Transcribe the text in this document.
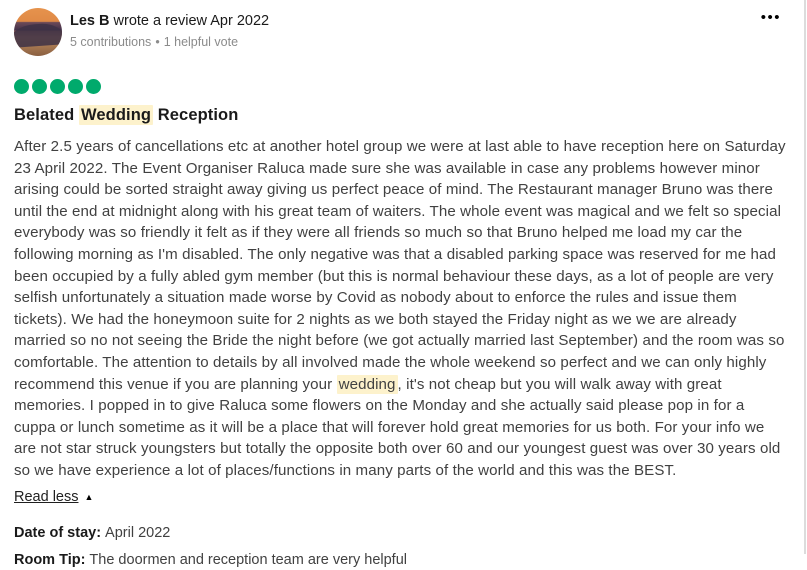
Les B wrote a review Apr 2022
5 contributions • 1 helpful vote
•••
Belated Wedding Reception
After 2.5 years of cancellations etc at another hotel group we were at last able to have reception here on Saturday 23 April 2022. The Event Organiser Raluca made sure she was available in case any problems however minor arising could be sorted straight away giving us perfect peace of mind. The Restaurant manager Bruno was there until the end at midnight along with his great team of waiters. The whole event was magical and we felt so special everybody was so friendly it felt as if they were all friends so much so that Bruno helped me load my car the following morning as I'm disabled. The only negative was that a disabled parking space was reserved for me had been occupied by a fully abled gym member (but this is normal behaviour these days, as a lot of people are very selfish unfortunately a situation made worse by Covid as nobody about to enforce the rules and issue them tickets). We had the honeymoon suite for 2 nights as we both stayed the Friday night as we we are already married so no not seeing the Bride the night before (we got actually married last September) and the room was so comfortable. The attention to details by all involved made the whole weekend so perfect and we can only highly recommend this venue if you are planning your wedding , it's not cheap but you will walk away with great memories. I popped in to give Raluca some flowers on the Monday and she actually said please pop in for a cuppa or lunch sometime as it will be a place that will forever hold great memories for us both. For your info we are not star struck youngsters but totally the opposite both over 60 and our youngest guest was over 30 years old so we have experience a lot of places/functions in many parts of the world and this was the BEST.
Read less ▲
Date of stay: April 2022
Room Tip: The doormen and reception team are very helpful
